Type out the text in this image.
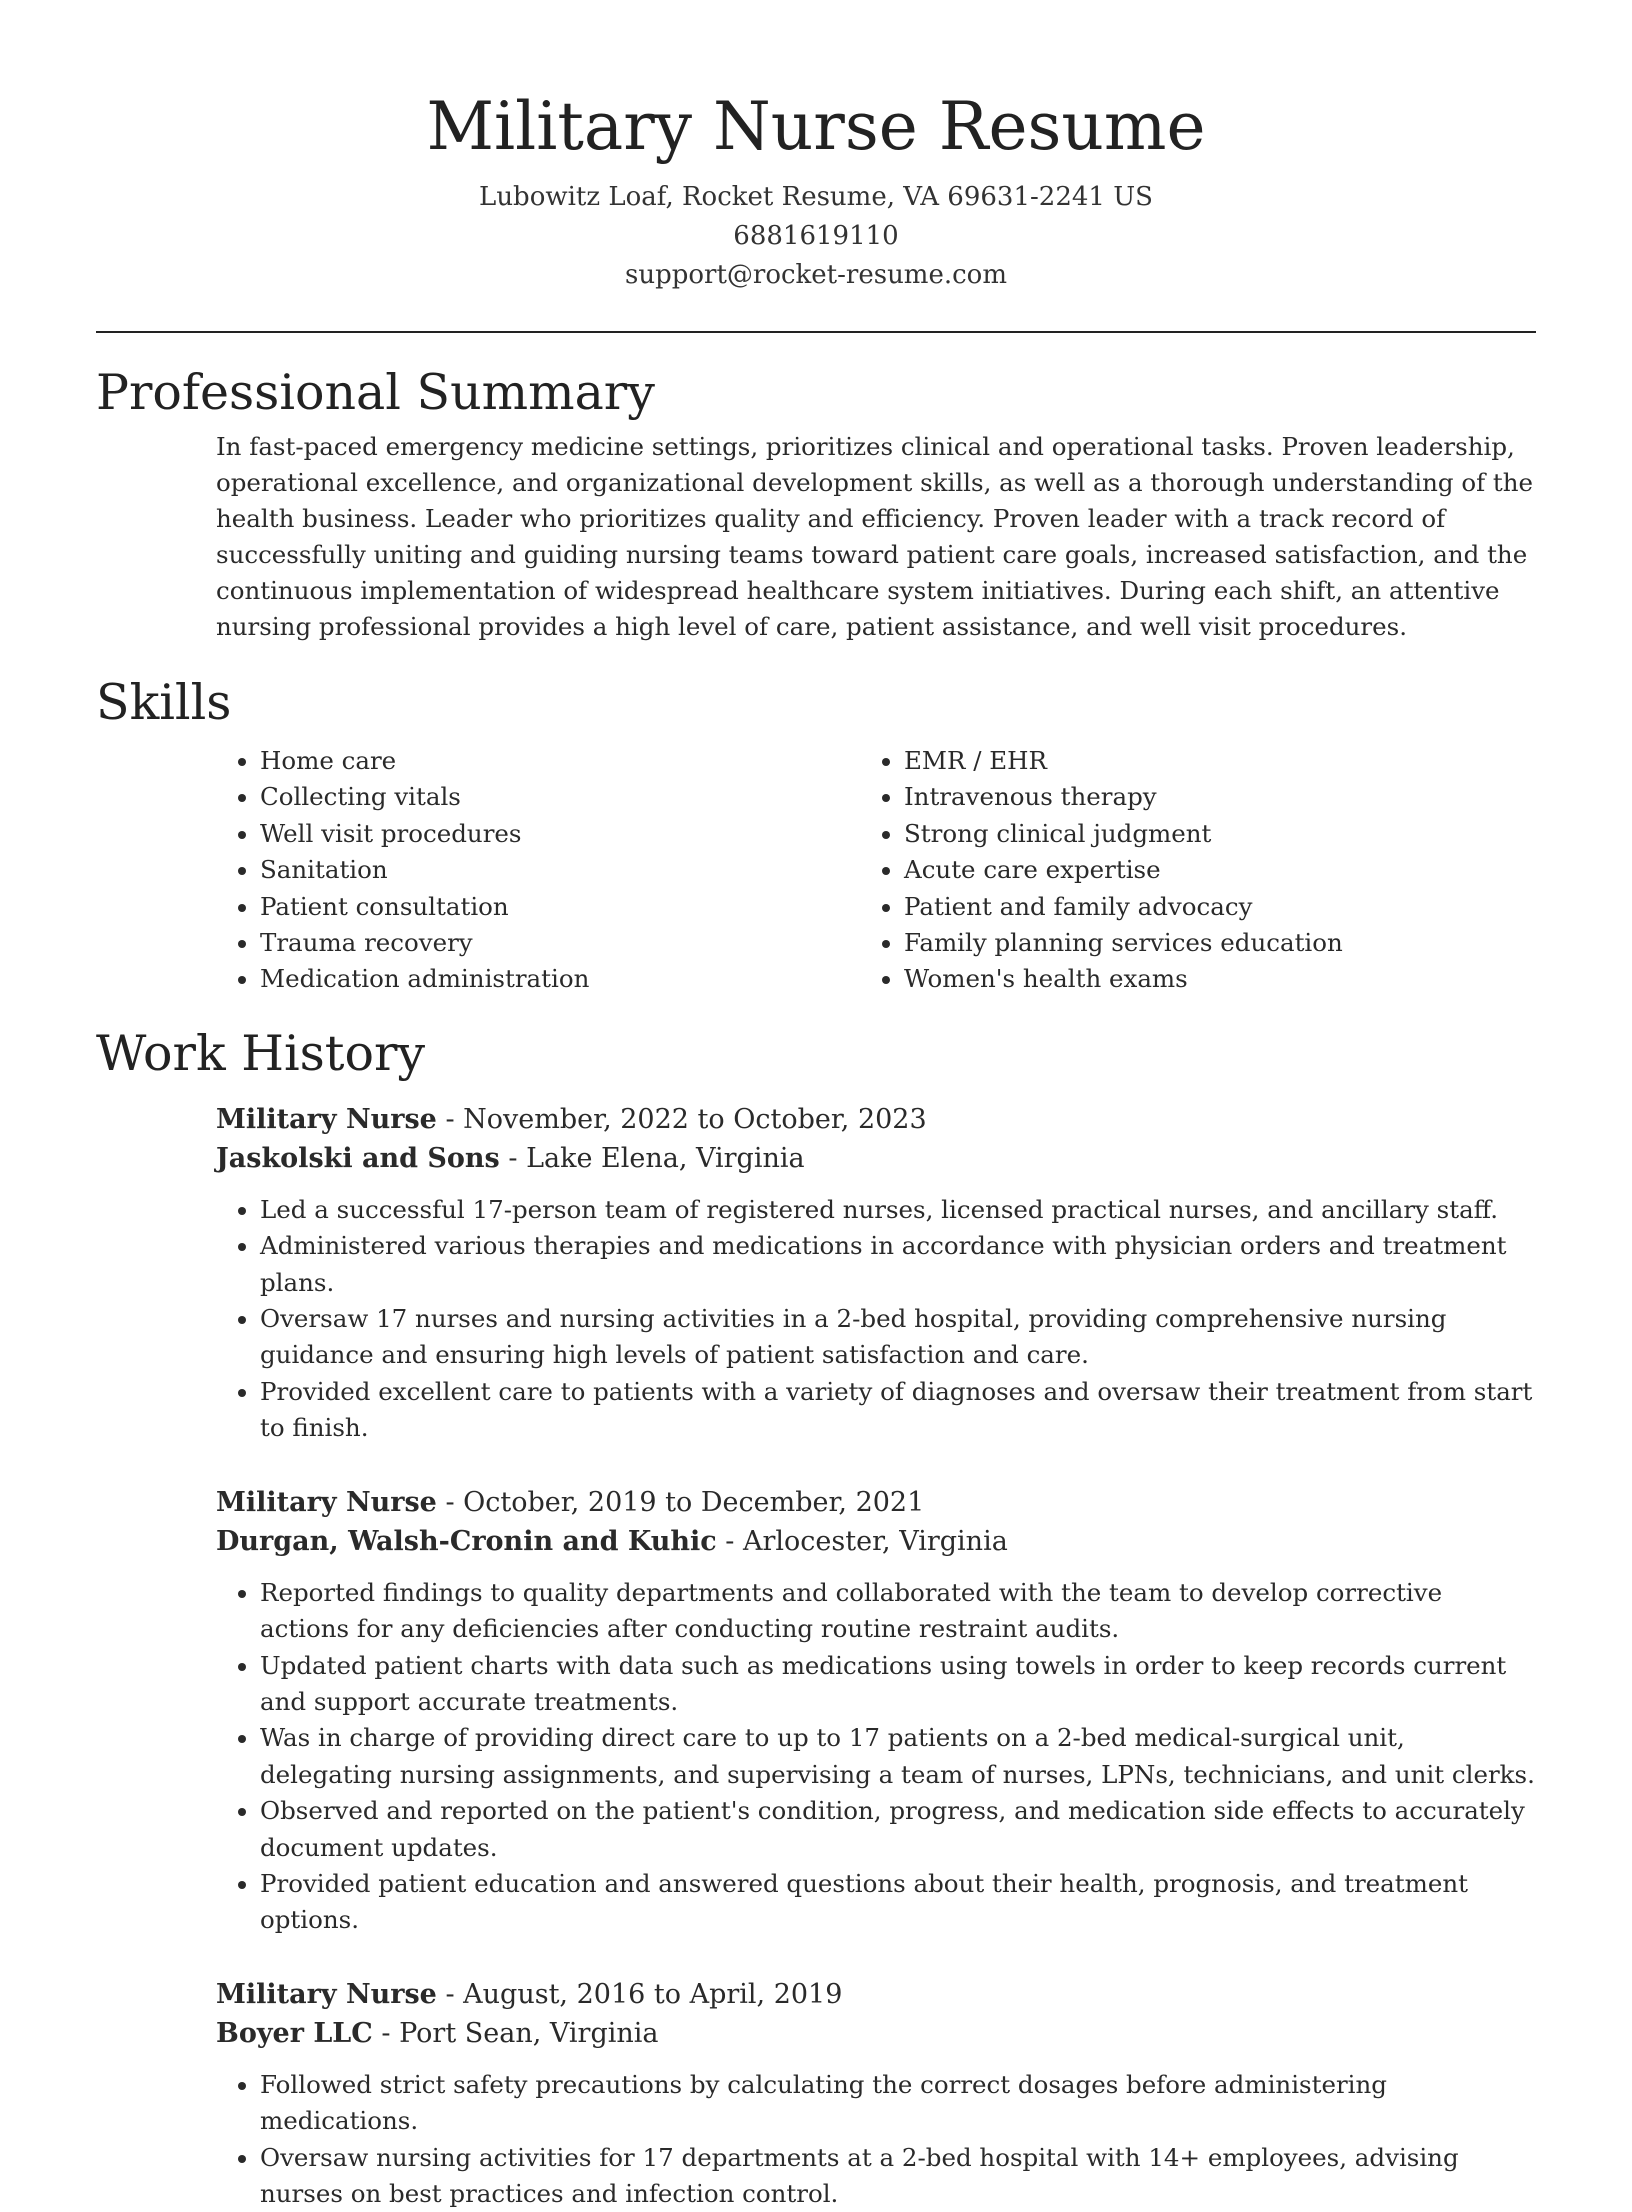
Military Nurse Resume
Lubowitz Loaf, Rocket Resume, VA 69631-2241 US
6881619110
support@rocket-resume.com
Professional Summary
In fast-paced emergency medicine settings, prioritizes clinical and operational tasks. Proven leadership, operational excellence, and organizational development skills, as well as a thorough understanding of the health business. Leader who prioritizes quality and efficiency. Proven leader with a track record of successfully uniting and guiding nursing teams toward patient care goals, increased satisfaction, and the continuous implementation of widespread healthcare system initiatives. During each shift, an attentive nursing professional provides a high level of care, patient assistance, and well visit procedures.
Skills
• Home care
• Collecting vitals
• Well visit procedures
• Sanitation
• Patient consultation
• Trauma recovery
• Medication administration
• EMR / EHR
• Intravenous therapy
• Strong clinical judgment
• Acute care expertise
• Patient and family advocacy
• Family planning services education
• Women's health exams
Work History
Military Nurse - November, 2022 to October, 2023
Jaskolski and Sons - Lake Elena, Virginia
• Led a successful 17-person team of registered nurses, licensed practical nurses, and ancillary staff.
• Administered various therapies and medications in accordance with physician orders and treatment plans.
• Oversaw 17 nurses and nursing activities in a 2-bed hospital, providing comprehensive nursing guidance and ensuring high levels of patient satisfaction and care.
• Provided excellent care to patients with a variety of diagnoses and oversaw their treatment from start to finish.
Military Nurse - October, 2019 to December, 2021
Durgan, Walsh-Cronin and Kuhic - Arlocester, Virginia
• Reported findings to quality departments and collaborated with the team to develop corrective actions for any deficiencies after conducting routine restraint audits.
• Updated patient charts with data such as medications using towels in order to keep records current and support accurate treatments.
• Was in charge of providing direct care to up to 17 patients on a 2-bed medical-surgical unit, delegating nursing assignments, and supervising a team of nurses, LPNs, technicians, and unit clerks.
• Observed and reported on the patient's condition, progress, and medication side effects to accurately document updates.
• Provided patient education and answered questions about their health, prognosis, and treatment options.
Military Nurse - August, 2016 to April, 2019
Boyer LLC - Port Sean, Virginia
• Followed strict safety precautions by calculating the correct dosages before administering medications.
• Oversaw nursing activities for 17 departments at a 2-bed hospital with 14+ employees, advising nurses on best practices and infection control.
